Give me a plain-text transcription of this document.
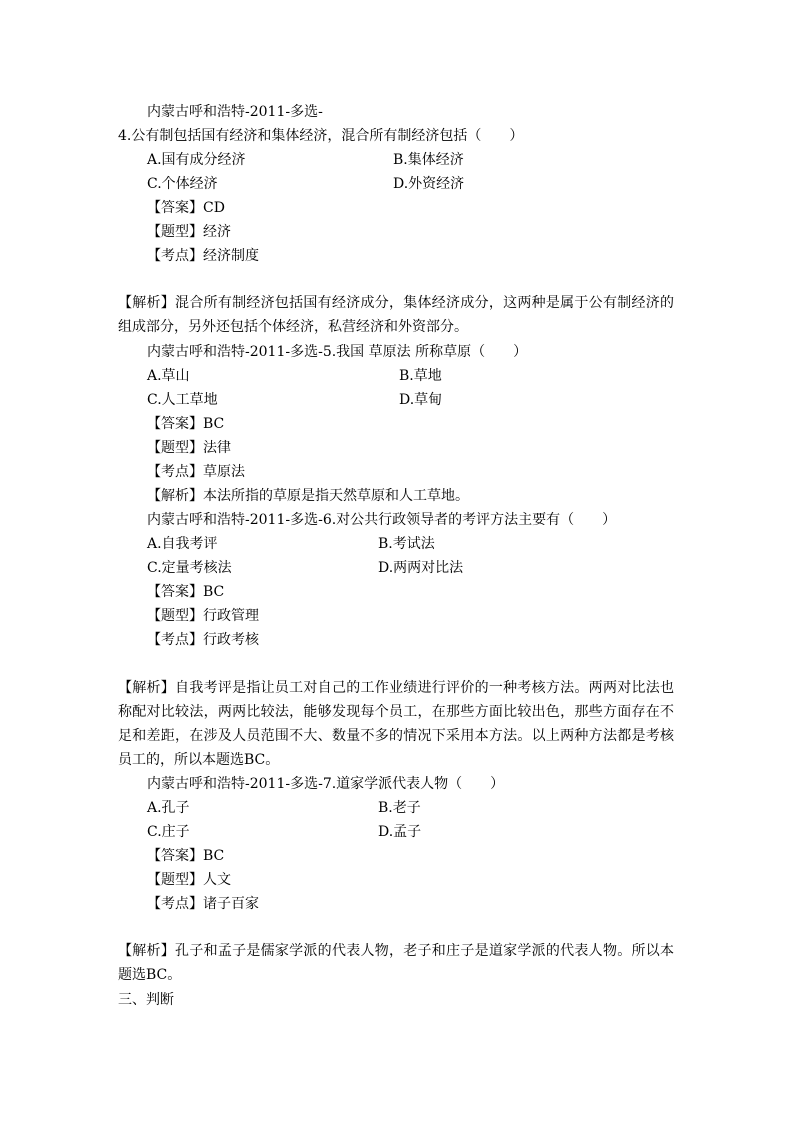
内蒙古呼和浩特-2011-多选-
4.公有制包括国有经济和集体经济，混合所有制经济包括（　　）
A.国有成分经济	B.集体经济
C.个体经济	D.外资经济
【答案】CD
【题型】经济
【考点】经济制度
【解析】混合所有制经济包括国有经济成分，集体经济成分，这两种是属于公有制经济的组成部分，另外还包括个体经济，私营经济和外资部分。
内蒙古呼和浩特-2011-多选-5.我国 草原法 所称草原（　　）
A.草山	B.草地
C.人工草地	D.草甸
【答案】BC
【题型】法律
【考点】草原法
【解析】本法所指的草原是指天然草原和人工草地。
内蒙古呼和浩特-2011-多选-6.对公共行政领导者的考评方法主要有（　　）
A.自我考评	B.考试法
C.定量考核法	D.两两对比法
【答案】BC
【题型】行政管理
【考点】行政考核
【解析】自我考评是指让员工对自己的工作业绩进行评价的一种考核方法。两两对比法也称配对比较法，两两比较法，能够发现每个员工，在那些方面比较出色，那些方面存在不足和差距，在涉及人员范围不大、数量不多的情况下采用本方法。以上两种方法都是考核员工的，所以本题选BC。
内蒙古呼和浩特-2011-多选-7.道家学派代表人物（　　）
A.孔子	B.老子
C.庄子	D.孟子
【答案】BC
【题型】人文
【考点】诸子百家
【解析】孔子和孟子是儒家学派的代表人物，老子和庄子是道家学派的代表人物。所以本题选BC。
三、判断
